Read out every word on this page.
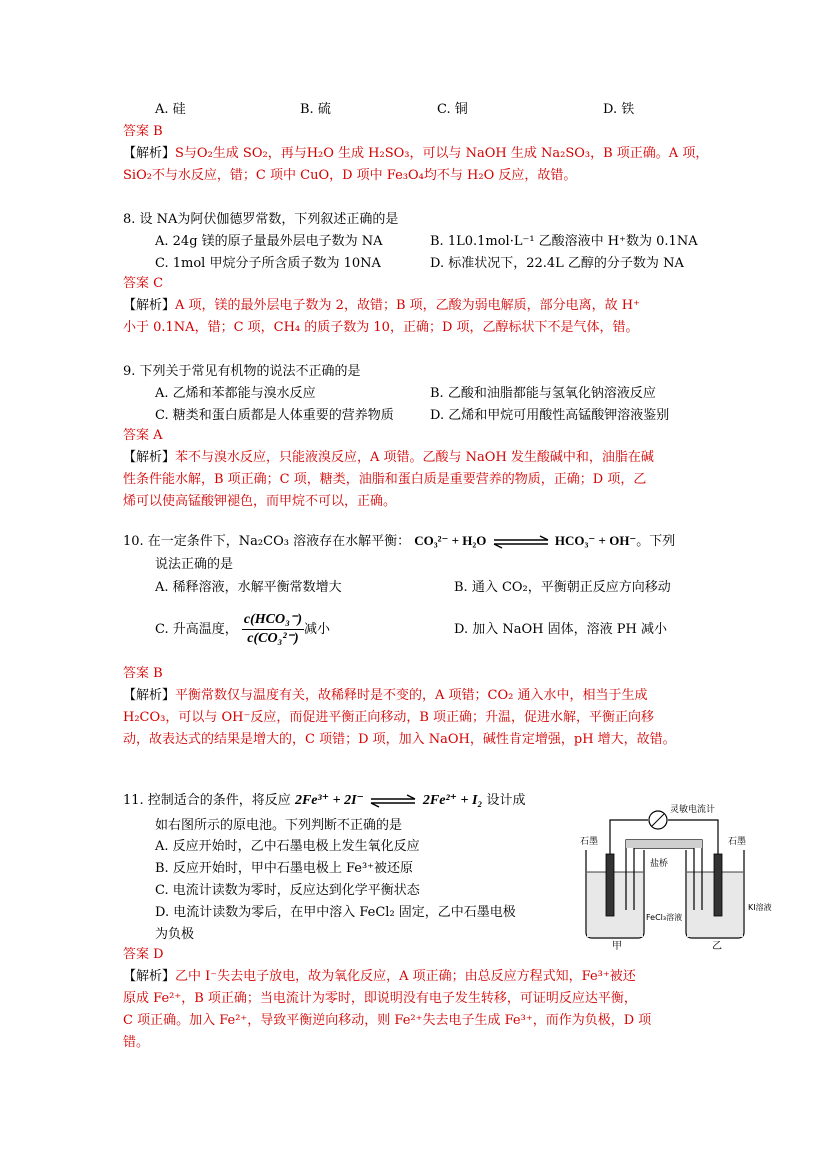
A. 硅	B. 硫	C. 铜	D. 铁
答案 B
【解析】S与O₂生成 SO₂，再与H₂O 生成 H₂SO₃，可以与 NaOH 生成 Na₂SO₃，B 项正确。A 项，
SiO₂不与水反应，错；C 项中 CuO，D 项中 Fe₃O₄均不与 H₂O 反应，故错。
8. 设 NA为阿伏伽德罗常数，下列叙述正确的是
A. 24g 镁的原子量最外层电子数为 NA	B. 1L0.1mol·L⁻¹ 乙酸溶液中 H⁺数为 0.1NA
C. 1mol 甲烷分子所含质子数为 10NA	D. 标准状况下，22.4L 乙醇的分子数为 NA
答案 C
【解析】A 项，镁的最外层电子数为 2，故错；B 项，乙酸为弱电解质，部分电离，故 H⁺
小于 0.1NA，错；C 项，CH₄ 的质子数为 10，正确；D 项，乙醇标状下不是气体，错。
9. 下列关于常见有机物的说法不正确的是
A. 乙烯和苯都能与溴水反应	B. 乙酸和油脂都能与氢氧化钠溶液反应
C. 糖类和蛋白质都是人体重要的营养物质	D. 乙烯和甲烷可用酸性高锰酸钾溶液鉴别
答案 A
【解析】苯不与溴水反应，只能液溴反应，A 项错。乙酸与 NaOH 发生酸碱中和，油脂在碱
性条件能水解，B 项正确；C 项，糖类，油脂和蛋白质是重要营养的物质，正确；D 项，乙
烯可以使高锰酸钾褪色，而甲烷不可以，正确。
10. 在一定条件下，Na₂CO₃ 溶液存在水解平衡： CO₃²⁻ + H₂O	HCO₃⁻ + OH⁻。下列
说法正确的是
A. 稀释溶液，水解平衡常数增大	B. 通入 CO₂，平衡朝正反应方向移动
C. 升高温度， $\frac{\text{c(HCO₃⁻)}}{\text{c(CO₃²⁻)}}$ 减小	D. 加入 NaOH 固体，溶液 PH 减小
答案 B
【解析】平衡常数仅与温度有关，故稀释时是不变的，A 项错；CO₂ 通入水中，相当于生成
H₂CO₃，可以与 OH⁻反应，而促进平衡正向移动，B 项正确；升温，促进水解，平衡正向移
动，故表达式的结果是增大的，C 项错；D 项，加入 NaOH，碱性肯定增强，pH 增大，故错。
11. 控制适合的条件，将反应 2Fe³⁺ + 2I⁻ ⇌ 2Fe²⁺ + I₂ 设计成
如右图所示的原电池。下列判断不正确的是
A. 反应开始时，乙中石墨电极上发生氧化反应
B. 反应开始时，甲中石墨电极上 Fe³⁺被还原
C. 电流计读数为零时，反应达到化学平衡状态
D. 电流计读数为零后，在甲中溶入 FeCl₂ 固定，乙中石墨电极
为负极
答案 D
【解析】乙中 I⁻失去电子放电，故为氧化反应，A 项正确；由总反应方程式知，Fe³⁺被还
原成 Fe²⁺，B 项正确；当电流计为零时，即说明没有电子发生转移，可证明反应达平衡，
C 项正确。加入 Fe²⁺，导致平衡逆向移动，则 Fe²⁺失去电子生成 Fe³⁺，而作为负极，D 项
错。
灵敏电流计
石墨	石墨
盐桥
FeCl₃溶液
KI溶液
甲	乙
